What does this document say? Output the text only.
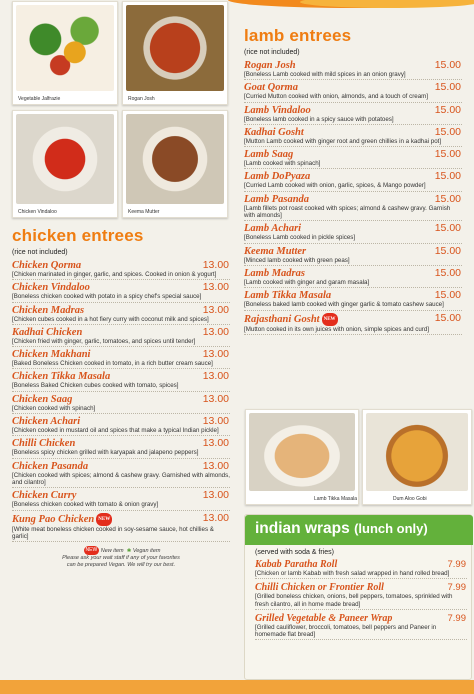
Vegetable Jalfrazie	Rogan Josh
Chicken Vindaloo	Keema Mutter
Lamb Tikka Masala	Dum Aloo Gobi
chicken entrees
(rice not included)
Chicken Qorma	13.00
[Chicken marinated in ginger, garlic, and spices. Cooked in onion & yogurt]
Chicken Vindaloo	13.00
[Boneless chicken cooked with potato in a spicy chef's special sauce]
Chicken Madras	13.00
[Chicken cubes cooked in a hot fiery curry with coconut milk and spices]
Kadhai Chicken	13.00
[Chicken fried with ginger, garlic, tomatoes, and spices until tender]
Chicken Makhani	13.00
[Baked Boneless Chicken cooked in tomato, in a rich butter cream sauce]
Chicken Tikka Masala	13.00
[Boneless Baked Chicken cubes cooked with tomato, spices]
Chicken Saag	13.00
[Chicken cooked with spinach]
Chicken Achari	13.00
[Chicken cooked in mustard oil and spices that make a typical Indian pickle]
Chilli Chicken	13.00
[Boneless spicy chicken grilled with karyapak and jalapeno peppers]
Chicken Pasanda	13.00
[Chicken cooked with spices; almond & cashew gravy. Garnished with almonds, and cilantro]
Chicken Curry	13.00
[Boneless chicken cooked with tomato & onion gravy]
Kung Pao Chicken NEW	13.00
[White meat boneless chicken cooked in soy-sesame sauce, hot chillies & garlic]
NEW New item ❀ Vegan item
Please ask your wait staff if any of your favorites
can be prepared Vegan. We will try our best.
lamb entrees
(rice not included)
Rogan Josh	15.00
[Boneless Lamb cooked with mild spices in an onion gravy]
Goat Qorma	15.00
[Curried Mutton cooked with onion, almonds, and a touch of cream]
Lamb Vindaloo	15.00
[Boneless lamb cooked in a spicy sauce with potatoes]
Kadhai Gosht	15.00
[Mutton Lamb cooked with ginger root and green chillies in a kadhai pot]
Lamb Saag	15.00
[Lamb cooked with spinach]
Lamb DoPyaza	15.00
[Curried Lamb cooked with onion, garlic, spices, & Mango powder]
Lamb Pasanda	15.00
[Lamb fillets pot roast cooked with spices; almond & cashew gravy. Garnish with almonds]
Lamb Achari	15.00
[Boneless Lamb cooked in pickle spices]
Keema Mutter	15.00
[Minced lamb cooked with green peas]
Lamb Madras	15.00
[Lamb cooked with ginger and garam masala]
Lamb Tikka Masala	15.00
[Boneless baked lamb cooked with ginger garlic & tomato cashew sauce]
Rajasthani Gosht NEW	15.00
[Mutton cooked in its own juices with onion, simple spices and curd]
indian wraps (lunch only)
(served with soda & fries)
Kabab Paratha Roll	7.99
[Chicken or lamb Kabab with fresh salad wrapped in hand rolled bread]
Chilli Chicken or Frontier Roll	7.99
[Grilled boneless chicken, onions, bell peppers, tomatoes, sprinkled with fresh cilantro, all in home made bread]
Grilled Vegetable & Paneer Wrap	7.99
[Grilled cauliflower, broccoli, tomatoes, bell peppers and Paneer in homemade flat bread]
